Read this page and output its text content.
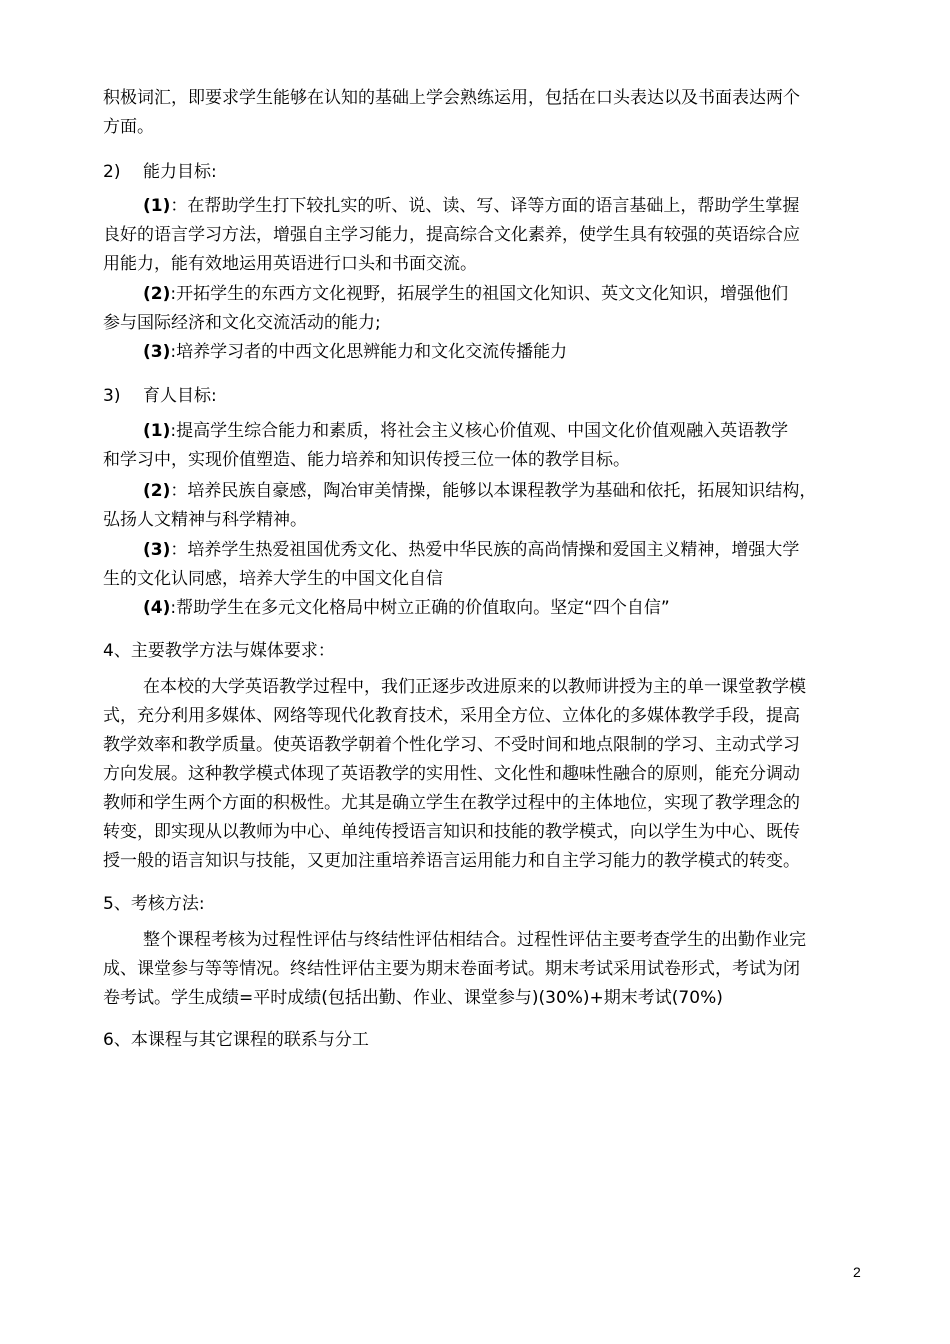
积极词汇，即要求学生能够在认知的基础上学会熟练运用，包括在口头表达以及书面表达两个
方面。
2) 能力目标:
(1)：在帮助学生打下较扎实的听、说、读、写、译等方面的语言基础上，帮助学生掌握
良好的语言学习方法，增强自主学习能力，提高综合文化素养，使学生具有较强的英语综合应
用能力，能有效地运用英语进行口头和书面交流。
(2):开拓学生的东西方文化视野，拓展学生的祖国文化知识、英文文化知识，增强他们
参与国际经济和文化交流活动的能力;
(3):培养学习者的中西文化思辨能力和文化交流传播能力
3) 育人目标:
(1):提高学生综合能力和素质，将社会主义核心价值观、中国文化价值观融入英语教学
和学习中，实现价值塑造、能力培养和知识传授三位一体的教学目标。
(2)：培养民族自豪感，陶冶审美情操，能够以本课程教学为基础和依托，拓展知识结构，
弘扬人文精神与科学精神。
(3)：培养学生热爱祖国优秀文化、热爱中华民族的高尚情操和爱国主义精神，增强大学
生的文化认同感，培养大学生的中国文化自信
(4):帮助学生在多元文化格局中树立正确的价值取向。坚定“四个自信”
4、主要教学方法与媒体要求：
在本校的大学英语教学过程中，我们正逐步改进原来的以教师讲授为主的单一课堂教学模
式，充分利用多媒体、网络等现代化教育技术，采用全方位、立体化的多媒体教学手段，提高
教学效率和教学质量。使英语教学朝着个性化学习、不受时间和地点限制的学习、主动式学习
方向发展。这种教学模式体现了英语教学的实用性、文化性和趣味性融合的原则，能充分调动
教师和学生两个方面的积极性。尤其是确立学生在教学过程中的主体地位，实现了教学理念的
转变，即实现从以教师为中心、单纯传授语言知识和技能的教学模式，向以学生为中心、既传
授一般的语言知识与技能，又更加注重培养语言运用能力和自主学习能力的教学模式的转变。
5、考核方法:
整个课程考核为过程性评估与终结性评估相结合。过程性评估主要考查学生的出勤作业完
成、课堂参与等等情况。终结性评估主要为期末卷面考试。期末考试采用试卷形式，考试为闭
卷考试。学生成绩=平时成绩(包括出勤、作业、课堂参与)(30%)+期末考试(70%)
6、本课程与其它课程的联系与分工
2
